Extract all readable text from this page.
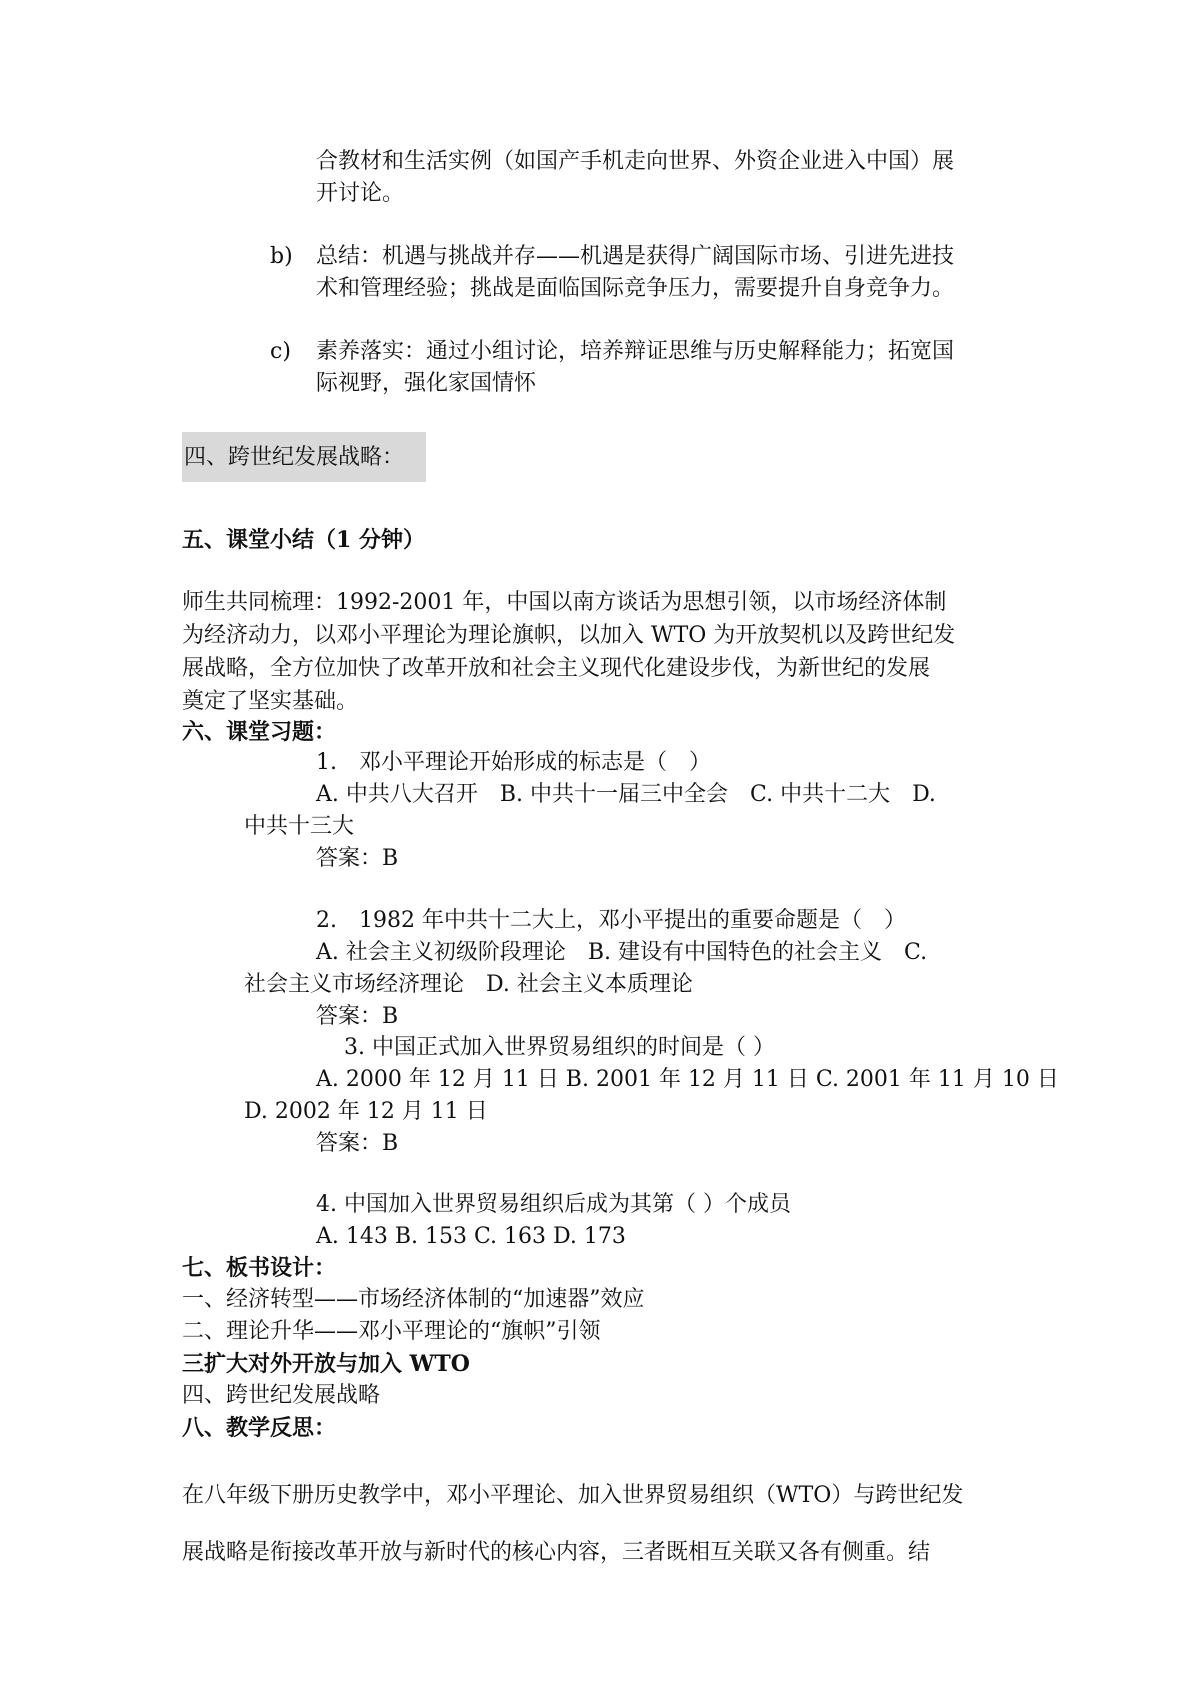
合教材和生活实例（如国产手机走向世界、外资企业进入中国）展
开讨论。
b) 总结：机遇与挑战并存——机遇是获得广阔国际市场、引进先进技
术和管理经验；挑战是面临国际竞争压力，需要提升自身竞争力。
c) 素养落实：通过小组讨论，培养辩证思维与历史解释能力；拓宽国
际视野，强化家国情怀
四、跨世纪发展战略：
五、课堂小结（1 分钟）
师生共同梳理：1992-2001 年，中国以南方谈话为思想引领，以市场经济体制
为经济动力，以邓小平理论为理论旗帜，以加入 WTO 为开放契机以及跨世纪发
展战略，全方位加快了改革开放和社会主义现代化建设步伐，为新世纪的发展
奠定了坚实基础。
六、课堂习题：
1.　邓小平理论开始形成的标志是（　）
A. 中共八大召开　B. 中共十一届三中全会　C. 中共十二大　D.
中共十三大
答案：B
2.　1982 年中共十二大上，邓小平提出的重要命题是（　）
A. 社会主义初级阶段理论　B. 建设有中国特色的社会主义　C.
社会主义市场经济理论　D. 社会主义本质理论
答案：B
3. 中国正式加入世界贸易组织的时间是（ ）
A. 2000 年 12 月 11 日 B. 2001 年 12 月 11 日 C. 2001 年 11 月 10 日
D. 2002 年 12 月 11 日
答案：B
4. 中国加入世界贸易组织后成为其第（ ）个成员
A. 143 B. 153 C. 163 D. 173
七、板书设计：
一、经济转型——市场经济体制的“加速器”效应
二、理论升华——邓小平理论的“旗帜”引领
三扩大对外开放与加入 WTO
四、跨世纪发展战略
八、教学反思：
在八年级下册历史教学中，邓小平理论、加入世界贸易组织（WTO）与跨世纪发
展战略是衔接改革开放与新时代的核心内容，三者既相互关联又各有侧重。结
